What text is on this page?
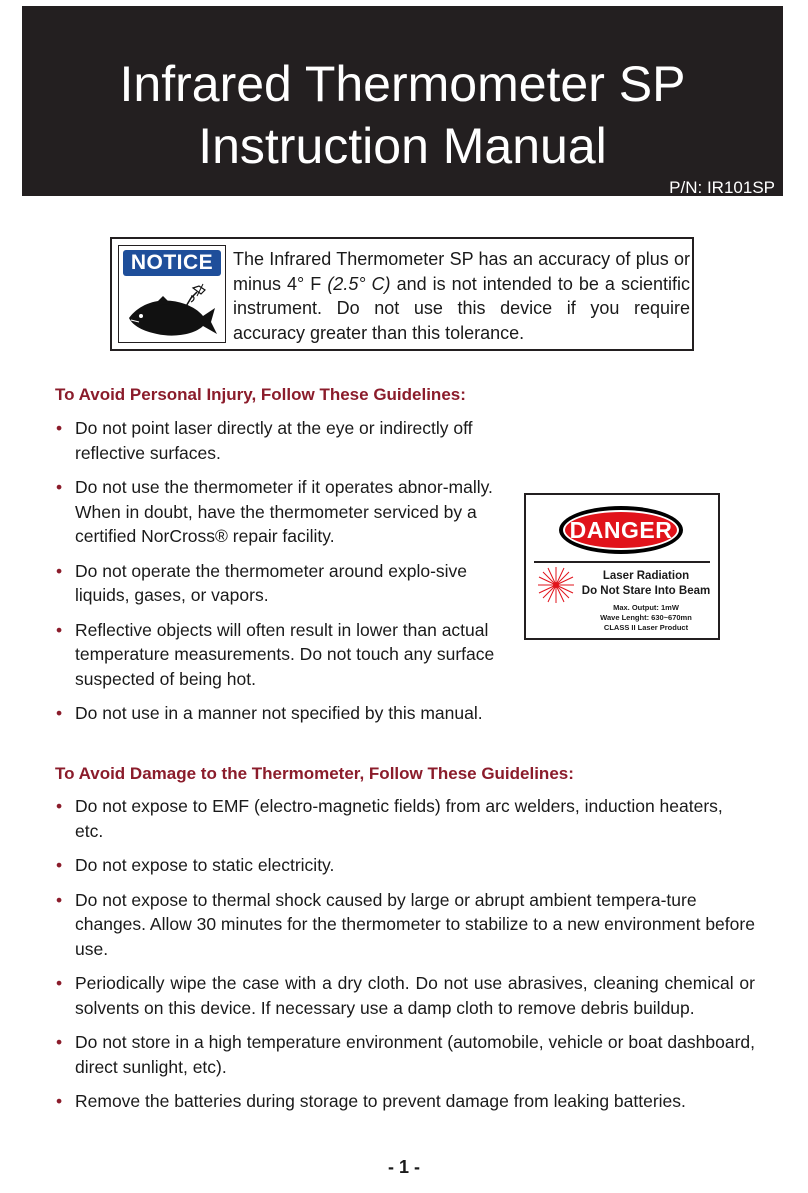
Infrared Thermometer SP
Instruction Manual
P/N: IR101SP
NOTICE	The Infrared Thermometer SP has an accuracy of plus or minus 4° F (2.5° C) and is not intended to be a scientific instrument. Do not use this device if you require accuracy greater than this tolerance.
To Avoid Personal Injury, Follow These Guidelines:
• Do not point laser directly at the eye or indirectly off reflective surfaces.
• Do not use the thermometer if it operates abnor-mally. When in doubt, have the thermometer serviced by a certified NorCross® repair facility.
• Do not operate the thermometer around explo-sive liquids, gases, or vapors.
• Reflective objects will often result in lower than actual temperature measurements. Do not touch any surface suspected of being hot.
• Do not use in a manner not specified by this manual.
DANGER
Laser Radiation
Do Not Stare Into Beam
Max. Output: 1mW
Wave Lenght: 630~670mn
CLASS II Laser Product
To Avoid Damage to the Thermometer, Follow These Guidelines:
• Do not expose to EMF (electro-magnetic fields) from arc welders, induction heaters, etc.
• Do not expose to static electricity.
• Do not expose to thermal shock caused by large or abrupt ambient tempera-ture changes. Allow 30 minutes for the thermometer to stabilize to a new environment before use.
• Periodically wipe the case with a dry cloth. Do not use abrasives, cleaning chemical or solvents on this device. If necessary use a damp cloth to remove debris buildup.
• Do not store in a high temperature environment (automobile, vehicle or boat dashboard, direct sunlight, etc).
• Remove the batteries during storage to prevent damage from leaking batteries.
- 1 -
